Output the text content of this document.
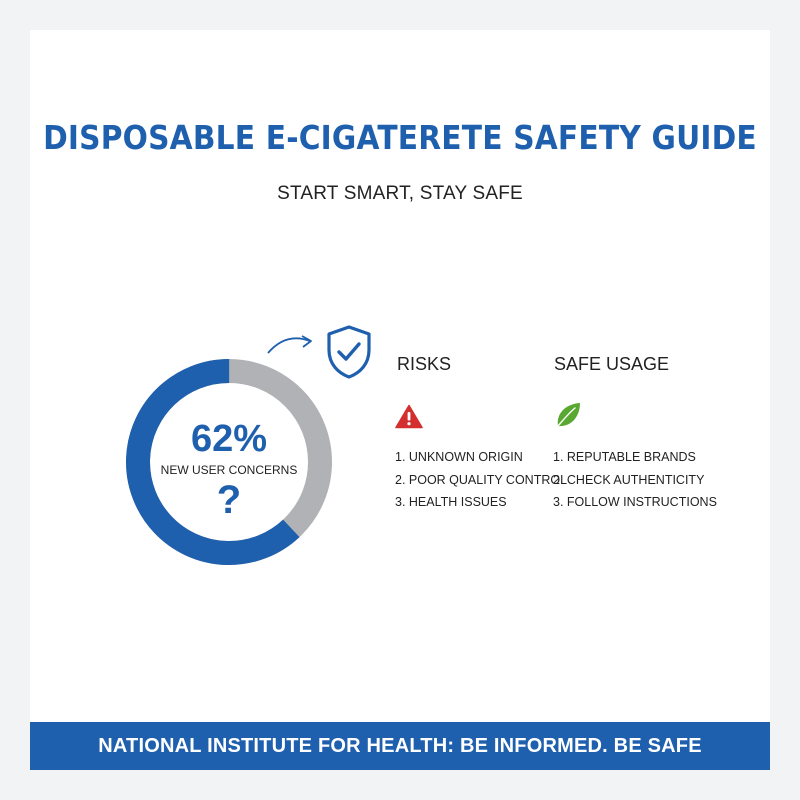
DISPOSABLE E-CIGATERETE SAFETY GUIDE
START SMART, STAY SAFE
62%
NEW USER CONCERNS
?
RISKS
1. UNKNOWN ORIGIN
2. POOR QUALITY CONTROL
3. HEALTH ISSUES
SAFE USAGE
1. REPUTABLE BRANDS
2. CHECK AUTHENTICITY
3. FOLLOW INSTRUCTIONS
NATIONAL INSTITUTE FOR HEALTH: BE INFORMED. BE SAFE
